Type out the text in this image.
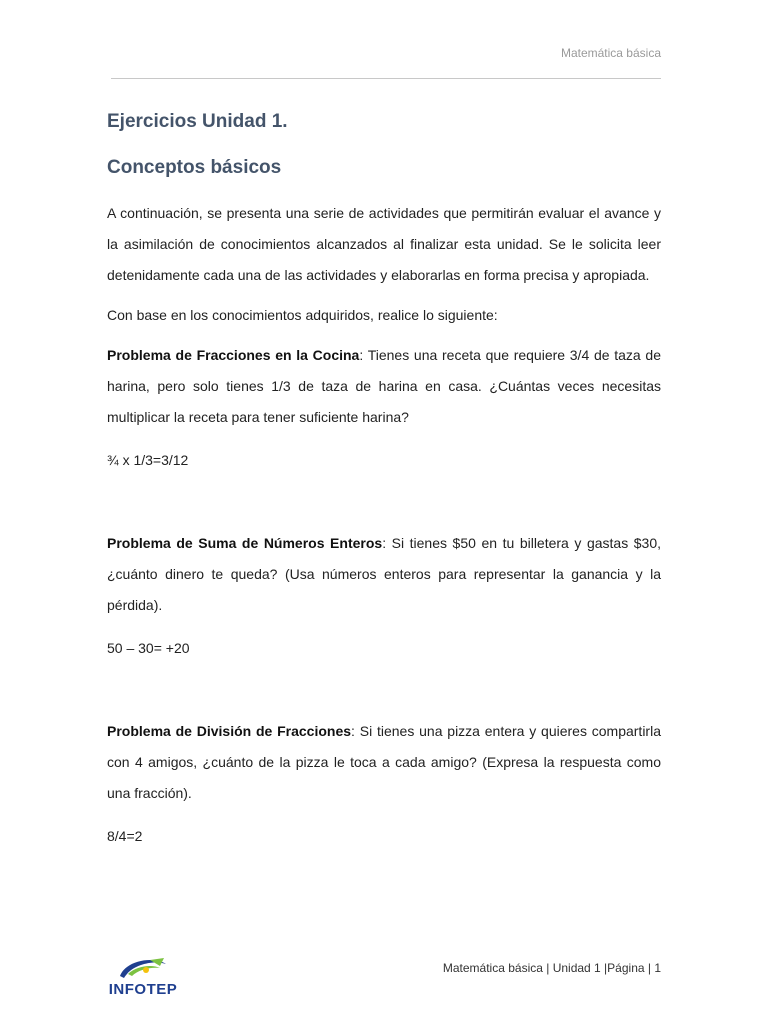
Matemática básica
Ejercicios Unidad 1.
Conceptos básicos

A continuación, se presenta una serie de actividades que permitirán evaluar el avance y la asimilación de conocimientos alcanzados al finalizar esta unidad. Se le solicita leer detenidamente cada una de las actividades y elaborarlas en forma precisa y apropiada.

Con base en los conocimientos adquiridos, realice lo siguiente:

Problema de Fracciones en la Cocina: Tienes una receta que requiere 3/4 de taza de harina, pero solo tienes 1/3 de taza de harina en casa. ¿Cuántas veces necesitas multiplicar la receta para tener suficiente harina?

¾ x 1/3=3/12

Problema de Suma de Números Enteros: Si tienes $50 en tu billetera y gastas $30, ¿cuánto dinero te queda? (Usa números enteros para representar la ganancia y la pérdida).

50 – 30= +20

Problema de División de Fracciones: Si tienes una pizza entera y quieres compartirla con 4 amigos, ¿cuánto de la pizza le toca a cada amigo? (Expresa la respuesta como una fracción).

8/4=2
INFOTEP
Matemática básica | Unidad 1 |Página | 1
